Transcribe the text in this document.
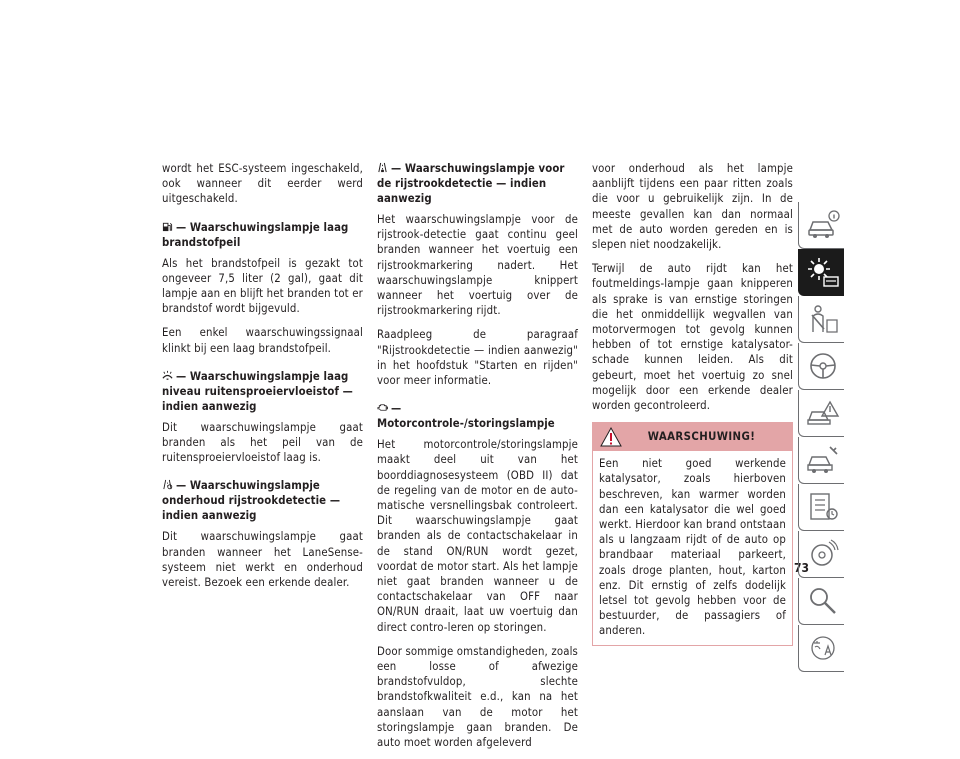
wordt het ESC-systeem ingeschakeld, ook wanneer dit eerder werd uitgeschakeld.

— Waarschuwingslampje laag brandstofpeil

Als het brandstofpeil is gezakt tot ongeveer 7,5 liter (2 gal), gaat dit lampje aan en blijft het branden tot er brandstof wordt bijgevuld.

Een enkel waarschuwingssignaal klinkt bij een laag brandstofpeil.

— Waarschuwingslampje laag niveau ruitensproeiervloeistof — indien aanwezig

Dit waarschuwingslampje gaat branden als het peil van de ruitensproeiervloeistof laag is.

— Waarschuwingslampje onderhoud rijstrookdetectie — indien aanwezig

Dit waarschuwingslampje gaat branden wanneer het LaneSense-systeem niet werkt en onderhoud vereist. Bezoek een erkende dealer.

— Waarschuwingslampje voor de rijstrookdetectie — indien aanwezig

Het waarschuwingslampje voor de rijstrook-detectie gaat continu geel branden wanneer het voertuig een rijstrookmarkering nadert. Het waarschuwingslampje knippert wanneer het voertuig over de rijstrookmarkering rijdt.

Raadpleeg de paragraaf "Rijstrookdetectie — indien aanwezig" in het hoofdstuk "Starten en rijden" voor meer informatie.

— Motorcontrole-/storingslampje

Het motorcontrole/storingslampje maakt deel uit van het boorddiagnosesysteem (OBD II) dat de regeling van de motor en de auto-matische versnellingsbak controleert. Dit waarschuwingslampje gaat branden als de contactschakelaar in de stand ON/RUN wordt gezet, voordat de motor start. Als het lampje niet gaat branden wanneer u de contactschakelaar van OFF naar ON/RUN draait, laat uw voertuig dan direct contro-leren op storingen.

Door sommige omstandigheden, zoals een losse of afwezige brandstofvuldop, slechte brandstofkwaliteit e.d., kan na het aanslaan van de motor het storingslampje gaan branden. De auto moet worden afgeleverd

voor onderhoud als het lampje aanblijft tijdens een paar ritten zoals die voor u gebruikelijk zijn. In de meeste gevallen kan dan normaal met de auto worden gereden en is slepen niet noodzakelijk.

Terwijl de auto rijdt kan het foutmeldings-lampje gaan knipperen als sprake is van ernstige storingen die het onmiddellijk wegvallen van motorvermogen tot gevolg kunnen hebben of tot ernstige katalysator-schade kunnen leiden. Als dit gebeurt, moet het voertuig zo snel mogelijk door een erkende dealer worden gecontroleerd.

WAARSCHUWING!

Een niet goed werkende katalysator, zoals hierboven beschreven, kan warmer worden dan een katalysator die wel goed werkt. Hierdoor kan brand ontstaan als u langzaam rijdt of de auto op brandbaar materiaal parkeert, zoals droge planten, hout, karton enz. Dit ernstig of zelfs dodelijk letsel tot gevolg hebben voor de bestuurder, de passagiers of anderen.

73
